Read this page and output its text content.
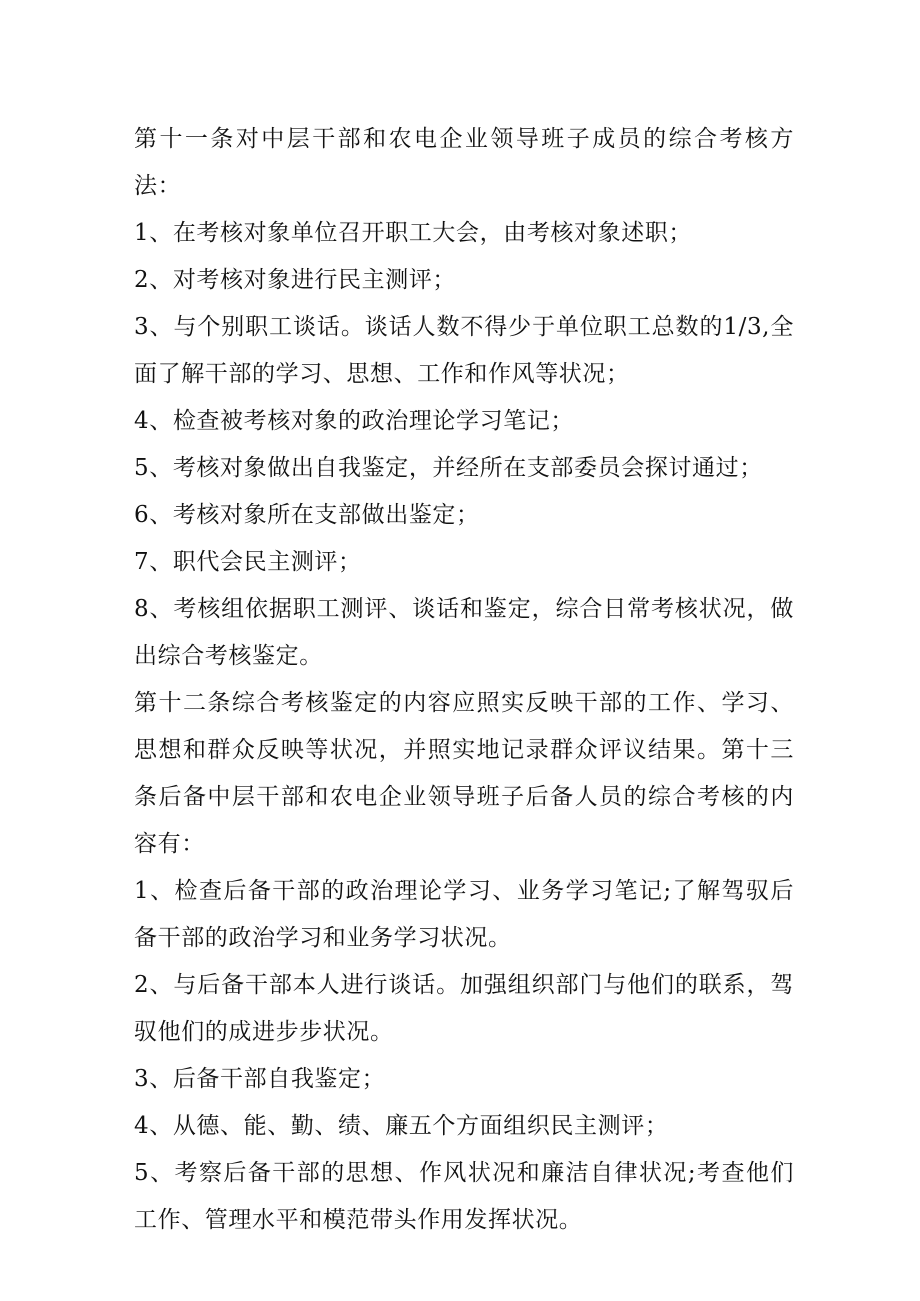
第十一条对中层干部和农电企业领导班子成员的综合考核方法：

1、在考核对象单位召开职工大会，由考核对象述职；

2、对考核对象进行民主测评；

3、与个别职工谈话。谈话人数不得少于单位职工总数的1/3,全面了解干部的学习、思想、工作和作风等状况；

4、检查被考核对象的政治理论学习笔记；

5、考核对象做出自我鉴定，并经所在支部委员会探讨通过；

6、考核对象所在支部做出鉴定；

7、职代会民主测评；

8、考核组依据职工测评、谈话和鉴定，综合日常考核状况，做出综合考核鉴定。

第十二条综合考核鉴定的内容应照实反映干部的工作、学习、思想和群众反映等状况，并照实地记录群众评议结果。第十三条后备中层干部和农电企业领导班子后备人员的综合考核的内容有：

1、检查后备干部的政治理论学习、业务学习笔记;了解驾驭后备干部的政治学习和业务学习状况。

2、与后备干部本人进行谈话。加强组织部门与他们的联系，驾驭他们的成进步步状况。

3、后备干部自我鉴定；

4、从德、能、勤、绩、廉五个方面组织民主测评；

5、考察后备干部的思想、作风状况和廉洁自律状况;考查他们工作、管理水平和模范带头作用发挥状况。
